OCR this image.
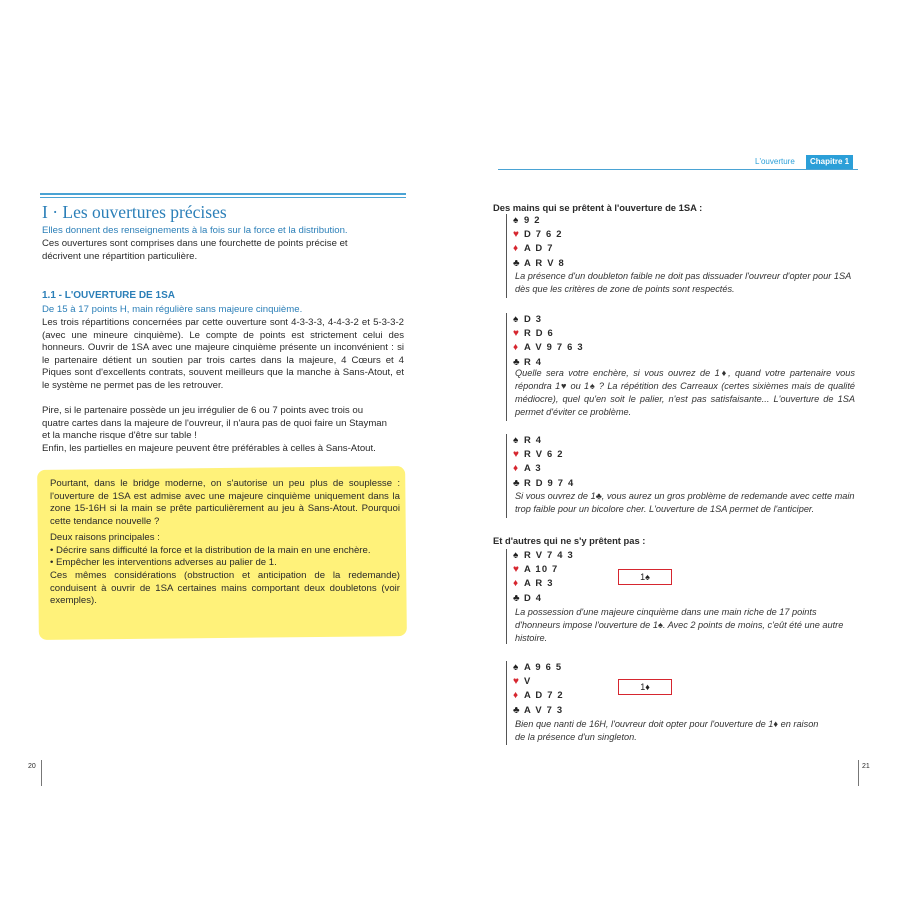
L'ouverture	Chapitre 1
I · Les ouvertures précises
Elles donnent des renseignements à la fois sur la force et la distribution.
Ces ouvertures sont comprises dans une fourchette de points précise et décrivent une répartition particulière.
1.1 - L'OUVERTURE DE 1SA
De 15 à 17 points H, main régulière sans majeure cinquième.
Les trois répartitions concernées par cette ouverture sont 4-3-3-3, 4-4-3-2 et 5-3-3-2 (avec une mineure cinquième). Le compte de points est strictement celui des honneurs. Ouvrir de 1SA avec une majeure cinquième présente un inconvénient : si le partenaire détient un soutien par trois cartes dans la majeure, 4 Cœurs et 4 Piques sont d'excellents contrats, souvent meilleurs que la manche à Sans-Atout, et le système ne permet pas de les retrouver.
Pire, si le partenaire possède un jeu irrégulier de 6 ou 7 points avec trois ou quatre cartes dans la majeure de l'ouvreur, il n'aura pas de quoi faire un Stayman et la manche risque d'être sur table !
Enfin, les partielles en majeure peuvent être préférables à celles à Sans-Atout.
Pourtant, dans le bridge moderne, on s'autorise un peu plus de souplesse : l'ouverture de 1SA est admise avec une majeure cinquième uniquement dans la zone 15-16H si la main se prête particulièrement au jeu à Sans-Atout. Pourquoi cette tendance nouvelle ?
Deux raisons principales :
• Décrire sans difficulté la force et la distribution de la main en une enchère.
• Empêcher les interventions adverses au palier de 1.
Ces mêmes considérations (obstruction et anticipation de la redemande) conduisent à ouvrir de 1SA certaines mains comportant deux doubletons (voir exemples).
20
Des mains qui se prêtent à l'ouverture de 1SA :
♠ 9 2
♥ D 7 6 2
♦ A D 7
♣ A R V 8
La présence d'un doubleton faible ne doit pas dissuader l'ouvreur d'opter pour 1SA dès que les critères de zone de points sont respectés.
♠ D 3
♥ R D 6
♦ A V 9 7 6 3
♣ R 4
Quelle sera votre enchère, si vous ouvrez de 1♦, quand votre partenaire vous répondra 1♥ ou 1♠ ? La répétition des Carreaux (certes sixièmes mais de qualité médiocre), quel qu'en soit le palier, n'est pas satisfaisante... L'ouverture de 1SA permet d'éviter ce problème.
♠ R 4
♥ R V 6 2
♦ A 3
♣ R D 9 7 4
Si vous ouvrez de 1♣, vous aurez un gros problème de redemande avec cette main trop faible pour un bicolore cher. L'ouverture de 1SA permet de l'anticiper.
Et d'autres qui ne s'y prêtent pas :
♠ R V 7 4 3
♥ A 10 7
♦ A R 3
♣ D 4
1♠
La possession d'une majeure cinquième dans une main riche de 17 points d'honneurs impose l'ouverture de 1♠. Avec 2 points de moins, c'eût été une autre histoire.
♠ A 9 6 5
♥ V
♦ A D 7 2
♣ A V 7 3
1♦
Bien que nanti de 16H, l'ouvreur doit opter pour l'ouverture de 1♦ en raison de la présence d'un singleton.
21
